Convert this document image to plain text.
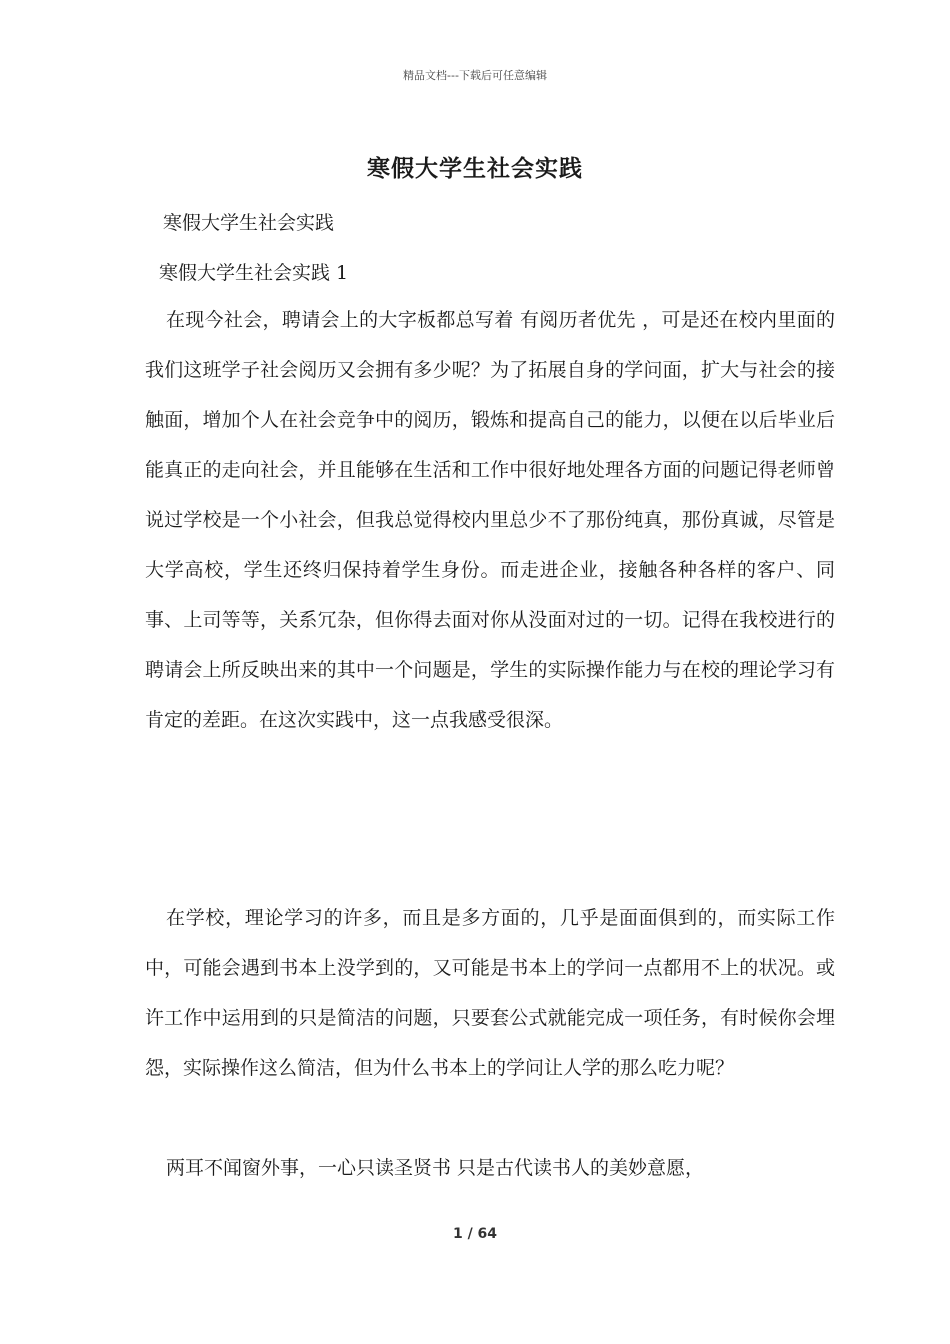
精品文档---下载后可任意编辑
寒假大学生社会实践

寒假大学生社会实践

寒假大学生社会实践 1

在现今社会，聘请会上的大字板都总写着 有阅历者优先 ，可是还在校内里面的我们这班学子社会阅历又会拥有多少呢？为了拓展自身的学问面，扩大与社会的接触面，增加个人在社会竞争中的阅历，锻炼和提高自己的能力，以便在以后毕业后能真正的走向社会，并且能够在生活和工作中很好地处理各方面的问题记得老师曾说过学校是一个小社会，但我总觉得校内里总少不了那份纯真，那份真诚，尽管是大学高校，学生还终归保持着学生身份。而走进企业，接触各种各样的客户、同事、上司等等，关系冗杂，但你得去面对你从没面对过的一切。记得在我校进行的聘请会上所反映出来的其中一个问题是，学生的实际操作能力与在校的理论学习有肯定的差距。在这次实践中，这一点我感受很深。

在学校，理论学习的许多，而且是多方面的，几乎是面面俱到的，而实际工作中，可能会遇到书本上没学到的，又可能是书本上的学问一点都用不上的状况。或许工作中运用到的只是简洁的问题，只要套公式就能完成一项任务，有时候你会埋怨，实际操作这么简洁，但为什么书本上的学问让人学的那么吃力呢？

两耳不闻窗外事，一心只读圣贤书 只是古代读书人的美妙意愿，

1 / 64
